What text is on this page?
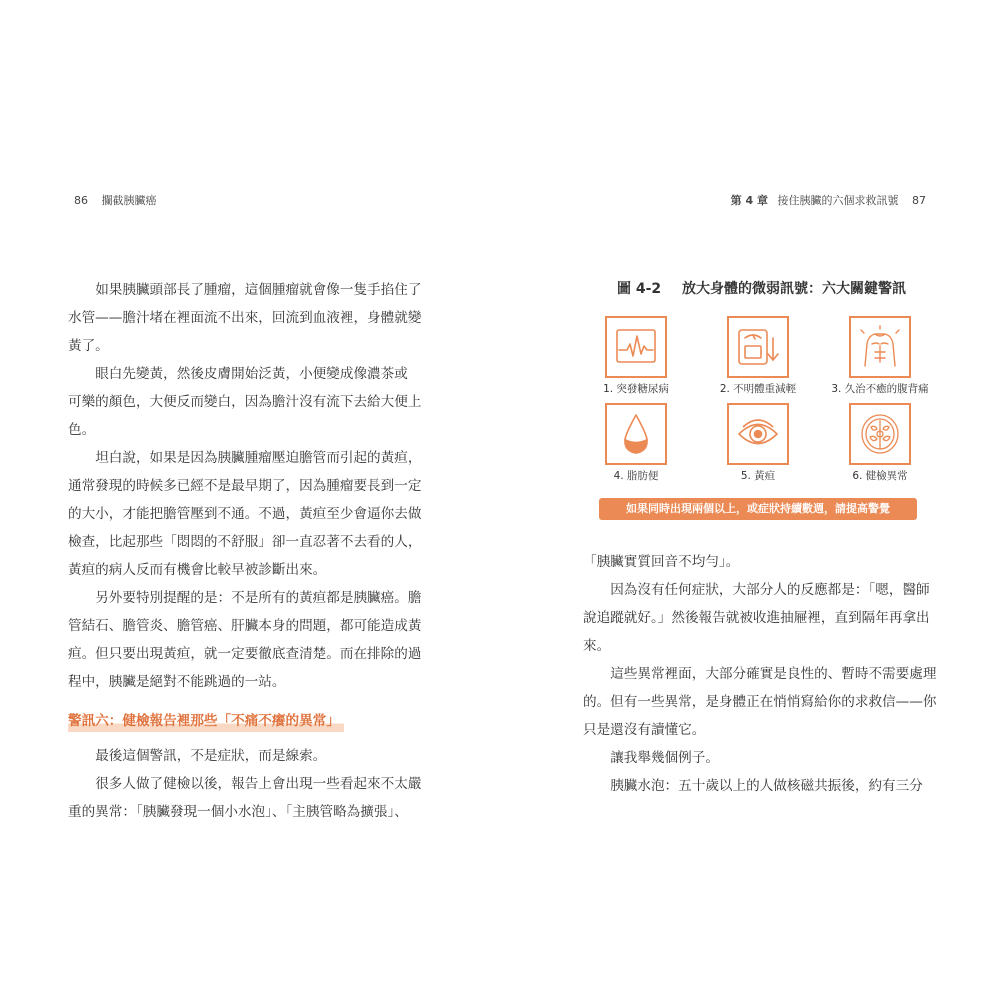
86 攔截胰臟癌	第 4 章 接住胰臟的六個求救訊號 87

如果胰臟頭部長了腫瘤，這個腫瘤就會像一隻手掐住了
水管——膽汁堵在裡面流不出來，回流到血液裡，身體就變
黃了。

眼白先變黃，然後皮膚開始泛黃，小便變成像濃茶或
可樂的顏色，大便反而變白，因為膽汁沒有流下去給大便上
色。

坦白說，如果是因為胰臟腫瘤壓迫膽管而引起的黃疸，
通常發現的時候多已經不是最早期了，因為腫瘤要長到一定
的大小，才能把膽管壓到不通。不過，黃疸至少會逼你去做
檢查，比起那些「悶悶的不舒服」卻一直忍著不去看的人，
黃疸的病人反而有機會比較早被診斷出來。

另外要特別提醒的是：不是所有的黃疸都是胰臟癌。膽
管結石、膽管炎、膽管癌、肝臟本身的問題，都可能造成黃
疸。但只要出現黃疸，就一定要徹底查清楚。而在排除的過
程中，胰臟是絕對不能跳過的一站。

警訊六：健檢報告裡那些「不痛不癢的異常」

最後這個警訊，不是症狀，而是線索。

很多人做了健檢以後，報告上會出現一些看起來不太嚴
重的異常：「胰臟發現一個小水泡」、「主胰管略為擴張」、

圖 4-2 放大身體的微弱訊號：六大關鍵警訊
1. 突發糖尿病	2. 不明體重減輕	3. 久治不癒的腹背痛
4. 脂肪便	5. 黃疸	6. 健檢異常
如果同時出現兩個以上，或症狀持續數週，請提高警覺

「胰臟實質回音不均勻」。

因為沒有任何症狀，大部分人的反應都是：「嗯，醫師
說追蹤就好。」然後報告就被收進抽屜裡，直到隔年再拿出
來。

這些異常裡面，大部分確實是良性的、暫時不需要處理
的。但有一些異常，是身體正在悄悄寫給你的求救信——你
只是還沒有讀懂它。

讓我舉幾個例子。

胰臟水泡：五十歲以上的人做核磁共振後，約有三分
